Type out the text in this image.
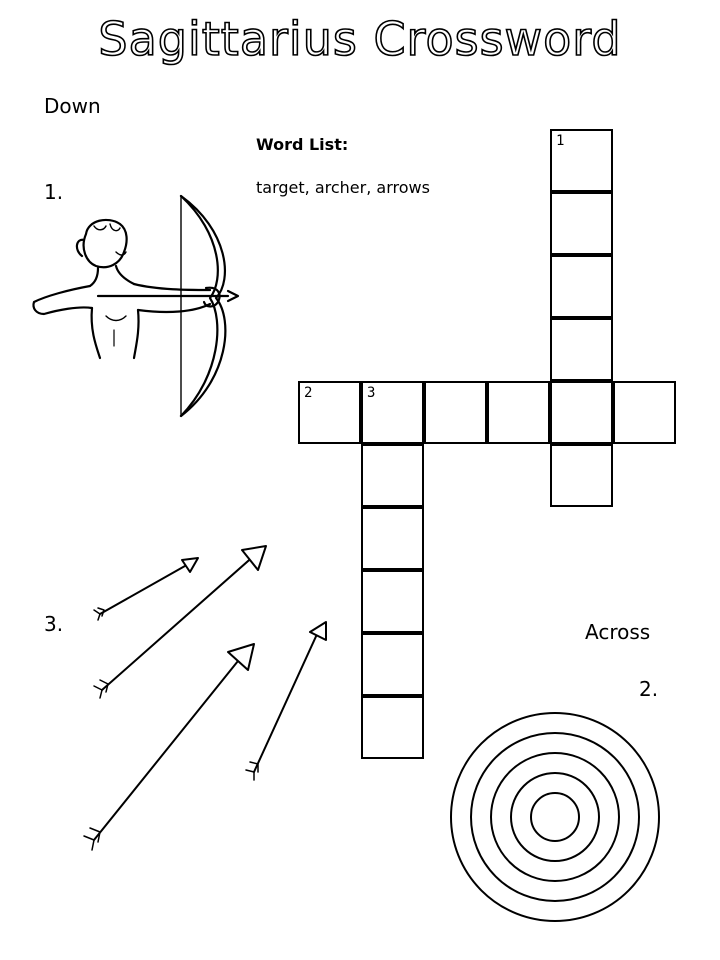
Sagittarius Crossword
Down
1.
3.	Across
2.
Word List:
target, archer, arrows
1
2	3
